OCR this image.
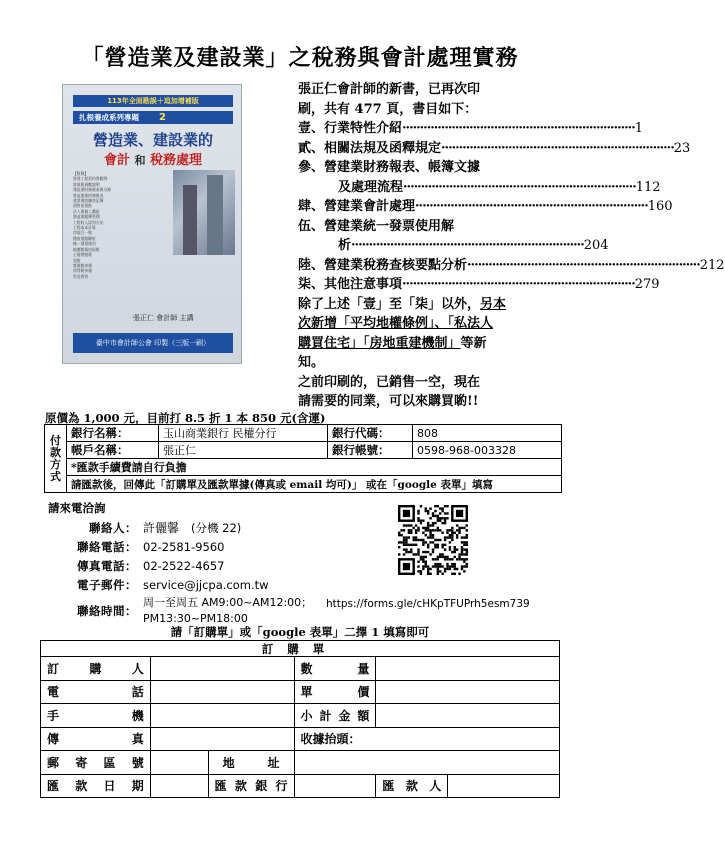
「營造業及建設業」之稅務與會計處理實務
113年全面勘誤＋追加增補版
扎根養成系列專題 2
營造業、建設業的
會計 和 稅務處理
【附錄】
營建工程契約書範例
營業稅預繳證明
建設業財務報表與分錄
營造業業財務報表
發票與收據登記簿
預售屋重點
法人與個人購屋
營造業帳簿管理
工程收入認列方法
工程成本計算
房地合一稅
稽查重點解析
統一發票使用
地價稅與房屋稅
土地增值稅
契稅
營業稅申報
所得稅申報
常見問答
張正仁 會計師 主講
臺中市會計師公會 印製（三版一刷）
張正仁會計師的新書，已再次印
刷，共有 477 頁，書目如下：
壹、行業特性介紹 ·································································· 1
貳、相關法規及函釋規定 ·································································· 23
參、營建業財務報表、帳簿文據
及處理流程 ·································································· 112
肆、營建業會計處理 ·································································· 160
伍、營建業統一發票使用解
析 ·································································· 204
陸、營建業稅務查核要點分析 ·································································· 212
柒、其他注意事項 ·································································· 279
除了上述「壹」至「柒」以外， 另本
次新增「平均地權條例」、「私法人
購買住宅」「房地重建機制」 等新
知。
之前印刷的，已銷售一空，現在
請需要的同業，可以來購買喲!!
原價為 1,000 元，目前打 8.5 折 1 本 850 元(含運)
付款方式	銀行名稱：	玉山商業銀行 民權分行	銀行代碼：	808
	帳戶名稱：	張正仁	銀行帳號：	0598-968-003328
	*匯款手續費請自行負擔			
	請匯款後，回傳此「訂購單及匯款單據(傳真或 email 均可)」 或在「google 表單」填寫			
請來電洽詢
聯絡人： 許儷馨 (分機 22)
聯絡電話： 02-2581-9560
傳真電話： 02-2522-4657
電子郵件： service@jjcpa.com.tw
聯絡時間：
周一至周五 AM9:00~AM12:00；
PM13:30~PM18:00
https://forms.gle/cHKpTFUPrh5esm739
請「訂購單」或「google 表單」二擇 1 填寫即可
訂購單
訂 購 人			數 量		

電 話			單 價		

手 機			小 計 金 額		

傳 真			收據抬頭：		

郵 寄 區 號		地 址			

匯 款 日 期		匯 款 銀 行		匯 款 人	
